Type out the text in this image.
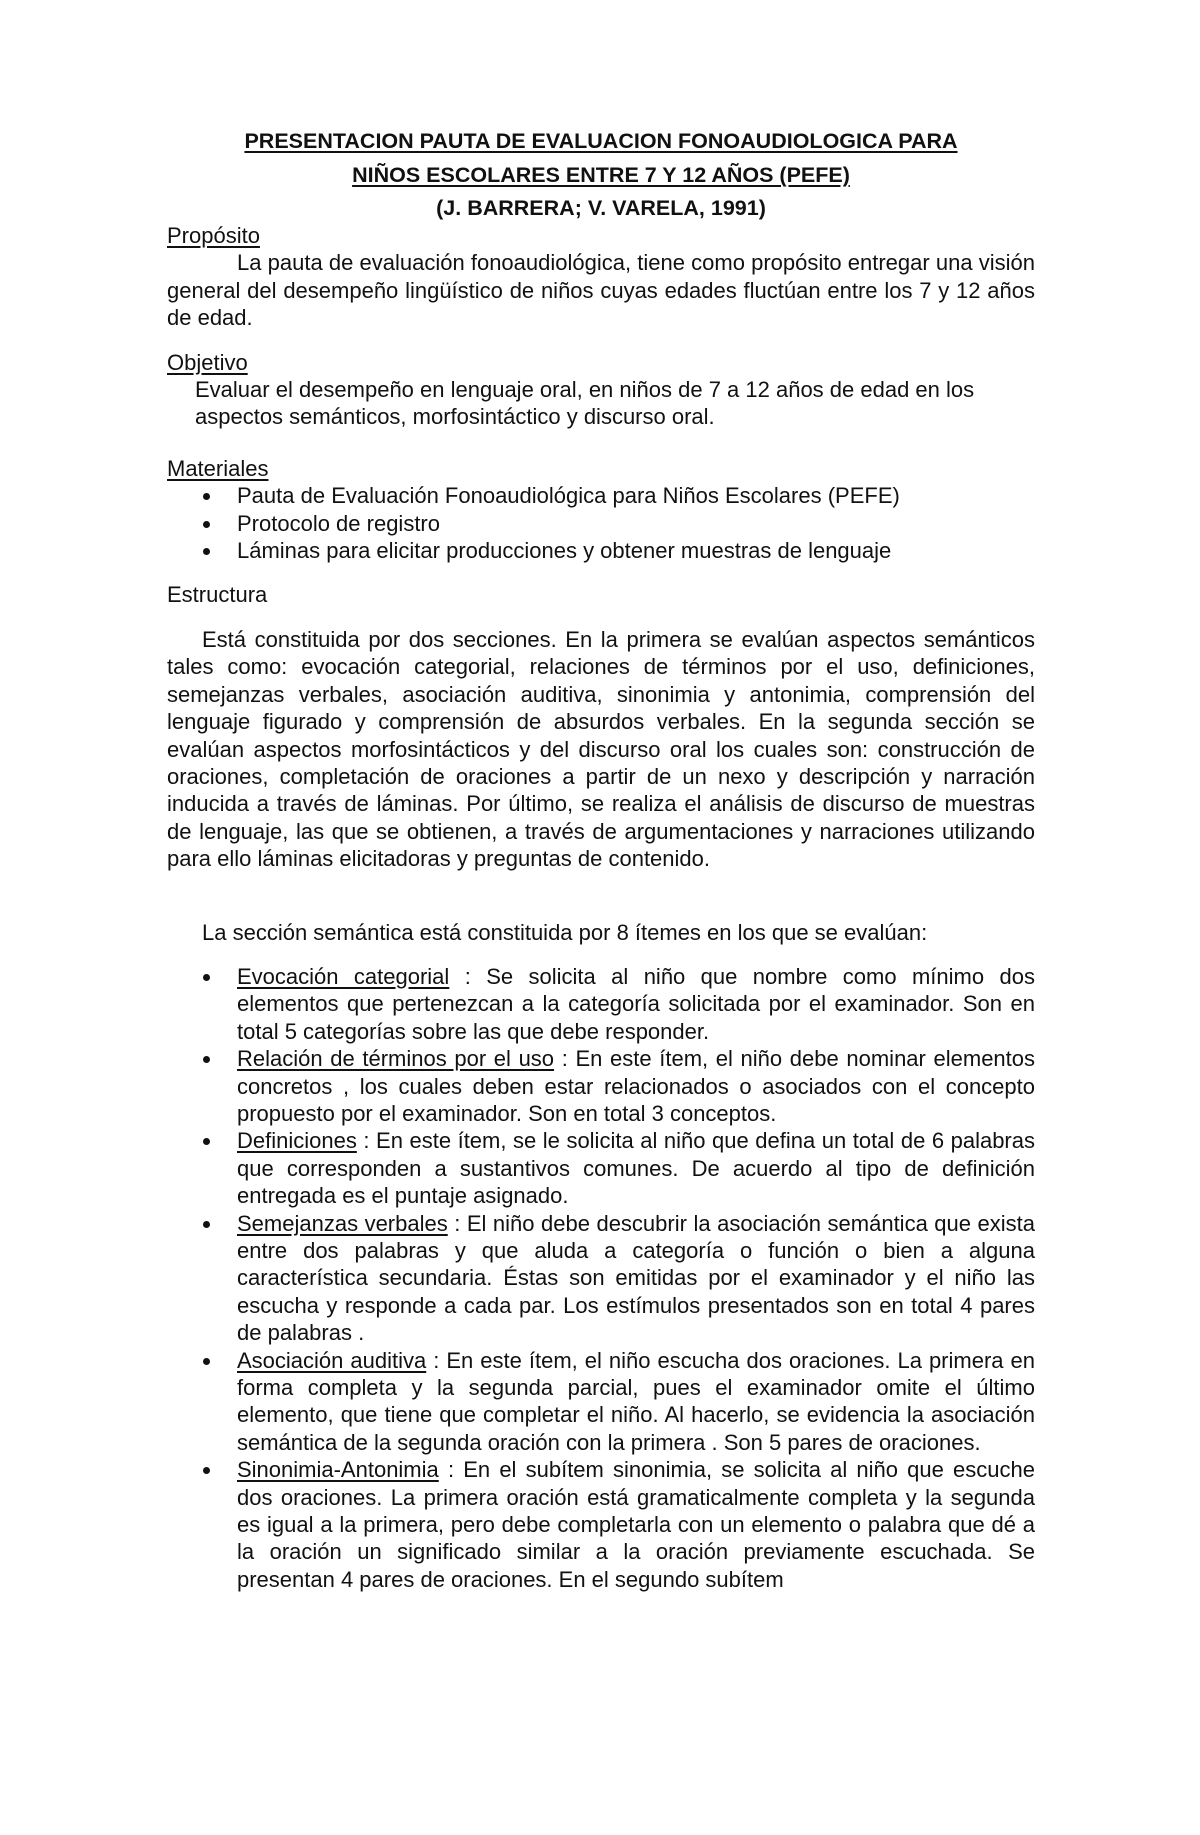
PRESENTACION PAUTA DE EVALUACION FONOAUDIOLOGICA PARA
NIÑOS ESCOLARES ENTRE 7 Y 12 AÑOS (PEFE)
(J. BARRERA; V. VARELA, 1991)
Propósito

La pauta de evaluación fonoaudiológica, tiene como propósito entregar una visión general del desempeño lingüístico de niños cuyas edades fluctúan entre los 7 y 12 años de edad.

Objetivo

Evaluar el desempeño en lenguaje oral, en niños de 7 a 12 años de edad en los aspectos semánticos, morfosintáctico y discurso oral.

Materiales
Pauta de Evaluación Fonoaudiológica para Niños Escolares (PEFE)
Protocolo de registro
Láminas para elicitar producciones y obtener muestras de lenguaje
Estructura

Está constituida por dos secciones. En la primera se evalúan aspectos semánticos tales como: evocación categorial, relaciones de términos por el uso, definiciones, semejanzas verbales, asociación auditiva, sinonimia y antonimia, comprensión del lenguaje figurado y comprensión de absurdos verbales. En la segunda sección se evalúan aspectos morfosintácticos y del discurso oral los cuales son: construcción de oraciones, completación de oraciones a partir de un nexo y descripción y narración inducida a través de láminas. Por último, se realiza el análisis de discurso de muestras de lenguaje, las que se obtienen, a través de argumentaciones y narraciones utilizando para ello láminas elicitadoras y preguntas de contenido.

La sección semántica está constituida por 8 ítemes en los que se evalúan:

Evocación categorial : Se solicita al niño que nombre como mínimo dos elementos que pertenezcan a la categoría solicitada por el examinador. Son en total 5 categorías sobre las que debe responder.
Relación de términos por el uso : En este ítem, el niño debe nominar elementos concretos , los cuales deben estar relacionados o asociados con el concepto propuesto por el examinador. Son en total 3 conceptos.
Definiciones : En este ítem, se le solicita al niño que defina un total de 6 palabras que corresponden a sustantivos comunes. De acuerdo al tipo de definición entregada es el puntaje asignado.
Semejanzas verbales : El niño debe descubrir la asociación semántica que exista entre dos palabras y que aluda a categoría o función o bien a alguna característica secundaria. Éstas son emitidas por el examinador y el niño las escucha y responde a cada par. Los estímulos presentados son en total 4 pares de palabras .
Asociación auditiva : En este ítem, el niño escucha dos oraciones. La primera en forma completa y la segunda parcial, pues el examinador omite el último elemento, que tiene que completar el niño. Al hacerlo, se evidencia la asociación semántica de la segunda oración con la primera . Son 5 pares de oraciones.
Sinonimia-Antonimia : En el subítem sinonimia, se solicita al niño que escuche dos oraciones. La primera oración está gramaticalmente completa y la segunda es igual a la primera, pero debe completarla con un elemento o palabra que dé a la oración un significado similar a la oración previamente escuchada. Se presentan 4 pares de oraciones. En el segundo subítem
